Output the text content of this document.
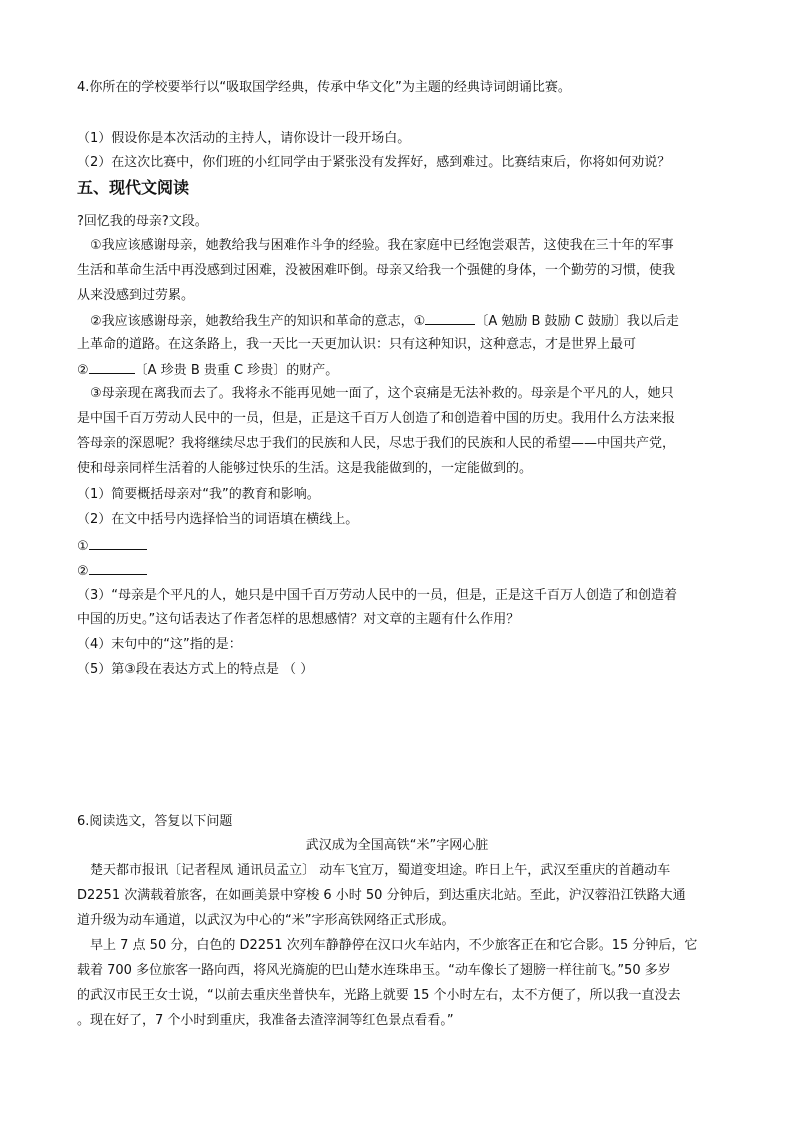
4.你所在的学校要举行以“吸取国学经典，传承中华文化”为主题的经典诗词朗诵比赛。
（1）假设你是本次活动的主持人，请你设计一段开场白。
（2）在这次比赛中，你们班的小红同学由于紧张没有发挥好，感到难过。比赛结束后，你将如何劝说？
五、现代文阅读
?回忆我的母亲?文段。
　①我应该感谢母亲，她教给我与困难作斗争的经验。我在家庭中已经饱尝艰苦，这使我在三十年的军事
生活和革命生活中再没感到过困难，没被困难吓倒。母亲又给我一个强健的身体，一个勤劳的习惯，使我
从来没感到过劳累。
　②我应该感谢母亲，她教给我生产的知识和革命的意志，①	〔A 勉励 B 鼓励 C 鼓励〕我以后走
上革命的道路。在这条路上，我一天比一天更加认识：只有这种知识，这种意志，才是世界上最可
②	〔A 珍贵 B 贵重 C 珍贵〕的财产。
　③母亲现在离我而去了。我将永不能再见她一面了，这个哀痛是无法补救的。母亲是个平凡的人，她只
是中国千百万劳动人民中的一员，但是，正是这千百万人创造了和创造着中国的历史。我用什么方法来报
答母亲的深恩呢？我将继续尽忠于我们的民族和人民，尽忠于我们的民族和人民的希望——中国共产党，
使和母亲同样生活着的人能够过快乐的生活。这是我能做到的，一定能做到的。
（1）简要概括母亲对“我”的教育和影响。
（2）在文中括号内选择恰当的词语填在横线上。
①
②
（3）“母亲是个平凡的人，她只是中国千百万劳动人民中的一员，但是，正是这千百万人创造了和创造着
中国的历史。”这句话表达了作者怎样的思想感情？对文章的主题有什么作用？
（4）末句中的“这”指的是：
（5）第③段在表达方式上的特点是 （ ）
6.阅读选文，答复以下问题
武汉成为全国高铁“米”字网心脏
　楚天都市报讯〔记者程凤 通讯员孟立〕 动车飞宜万，蜀道变坦途。昨日上午，武汉至重庆的首趟动车
D2251 次满载着旅客，在如画美景中穿梭 6 小时 50 分钟后，到达重庆北站。至此，沪汉蓉沿江铁路大通
道升级为动车通道，以武汉为中心的“米”字形高铁网络正式形成。
　早上 7 点 50 分，白色的 D2251 次列车静静停在汉口火车站内，不少旅客正在和它合影。15 分钟后，它
载着 700 多位旅客一路向西，将风光旖旎的巴山楚水连珠串玉。“动车像长了翅膀一样往前飞。”50 多岁
的武汉市民王女士说，“以前去重庆坐普快车，光路上就要 15 个小时左右，太不方便了，所以我一直没去
。现在好了，7 个小时到重庆，我准备去渣滓洞等红色景点看看。”
